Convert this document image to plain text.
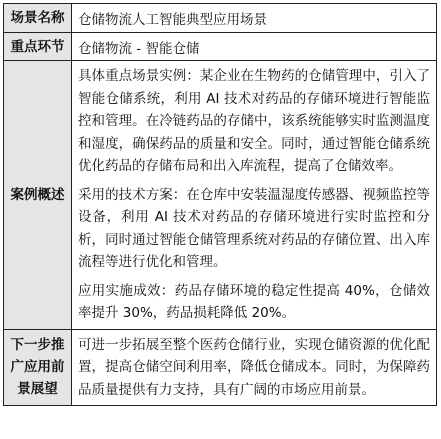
场景名称	仓储物流人工智能典型应用场景
重点环节	仓储物流 - 智能仓储
案例概述	具体重点场景实例：某企业在生物药的仓储管理中，引入了智能仓储系统，利用 AI 技术对药品的存储环境进行智能监控和管理。在冷链药品的存储中，该系统能够实时监测温度和湿度，确保药品的质量和安全。同时，通过智能仓储系统优化药品的存储布局和出入库流程，提高了仓储效率。

采用的技术方案：在仓库中安装温湿度传感器、视频监控等设备，利用 AI 技术对药品的存储环境进行实时监控和分析，同时通过智能仓储管理系统对药品的存储位置、出入库流程等进行优化和管理。

应用实施成效：药品存储环境的稳定性提高 40%，仓储效率提升 30%，药品损耗降低 20%。

下一步推广应用前景展望	可进一步拓展至整个医药仓储行业，实现仓储资源的优化配置，提高仓储空间利用率，降低仓储成本。同时，为保障药品质量提供有力支持，具有广阔的市场应用前景。
